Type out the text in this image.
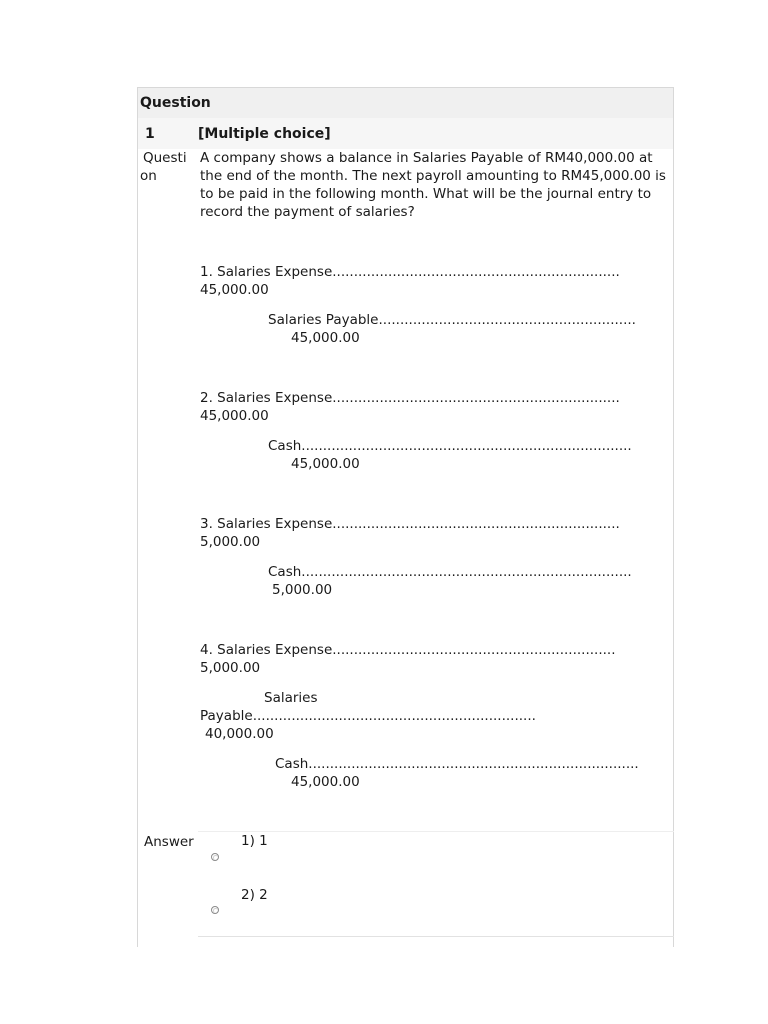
Question
1	[Multiple choice]
Questi
on
A company shows a balance in Salaries Payable of RM40,000.00 at the end of the month. The next payroll amounting to RM45,000.00 is to be paid in the following month. What will be the journal entry to record the payment of salaries?
1. Salaries Expense...................................................................
45,000.00
Salaries Payable............................................................
45,000.00
2. Salaries Expense...................................................................
45,000.00
Cash.............................................................................
45,000.00
3. Salaries Expense...................................................................
5,000.00
Cash.............................................................................
5,000.00
4. Salaries Expense..................................................................
5,000.00
Salaries
Payable..................................................................
40,000.00
Cash.............................................................................
45,000.00
Answer	1) 1
2) 2
